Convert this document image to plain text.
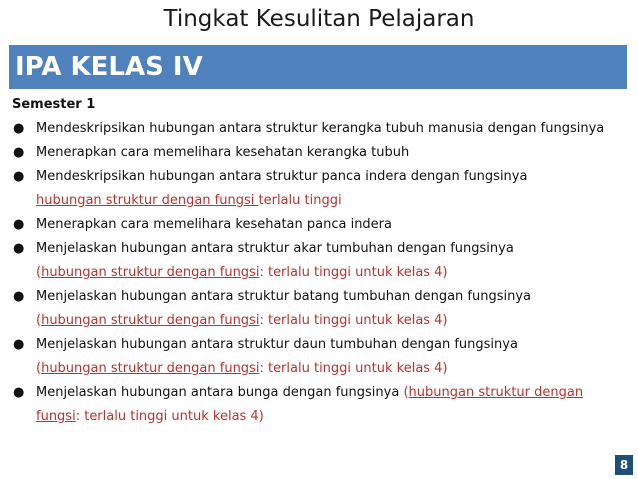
Tingkat Kesulitan Pelajaran
IPA KELAS IV
Semester 1
● Mendeskripsikan hubungan antara struktur kerangka tubuh manusia dengan fungsinya
● Menerapkan cara memelihara kesehatan kerangka tubuh
● Mendeskripsikan hubungan antara struktur panca indera dengan fungsinya
hubungan struktur dengan fungsi terlalu tinggi
● Menerapkan cara memelihara kesehatan panca indera
● Menjelaskan hubungan antara struktur akar tumbuhan dengan fungsinya
(hubungan struktur dengan fungsi: terlalu tinggi untuk kelas 4)
● Menjelaskan hubungan antara struktur batang tumbuhan dengan fungsinya
(hubungan struktur dengan fungsi: terlalu tinggi untuk kelas 4)
● Menjelaskan hubungan antara struktur daun tumbuhan dengan fungsinya
(hubungan struktur dengan fungsi: terlalu tinggi untuk kelas 4)
● Menjelaskan hubungan antara bunga dengan fungsinya (hubungan struktur dengan fungsi: terlalu tinggi untuk kelas 4)
8
